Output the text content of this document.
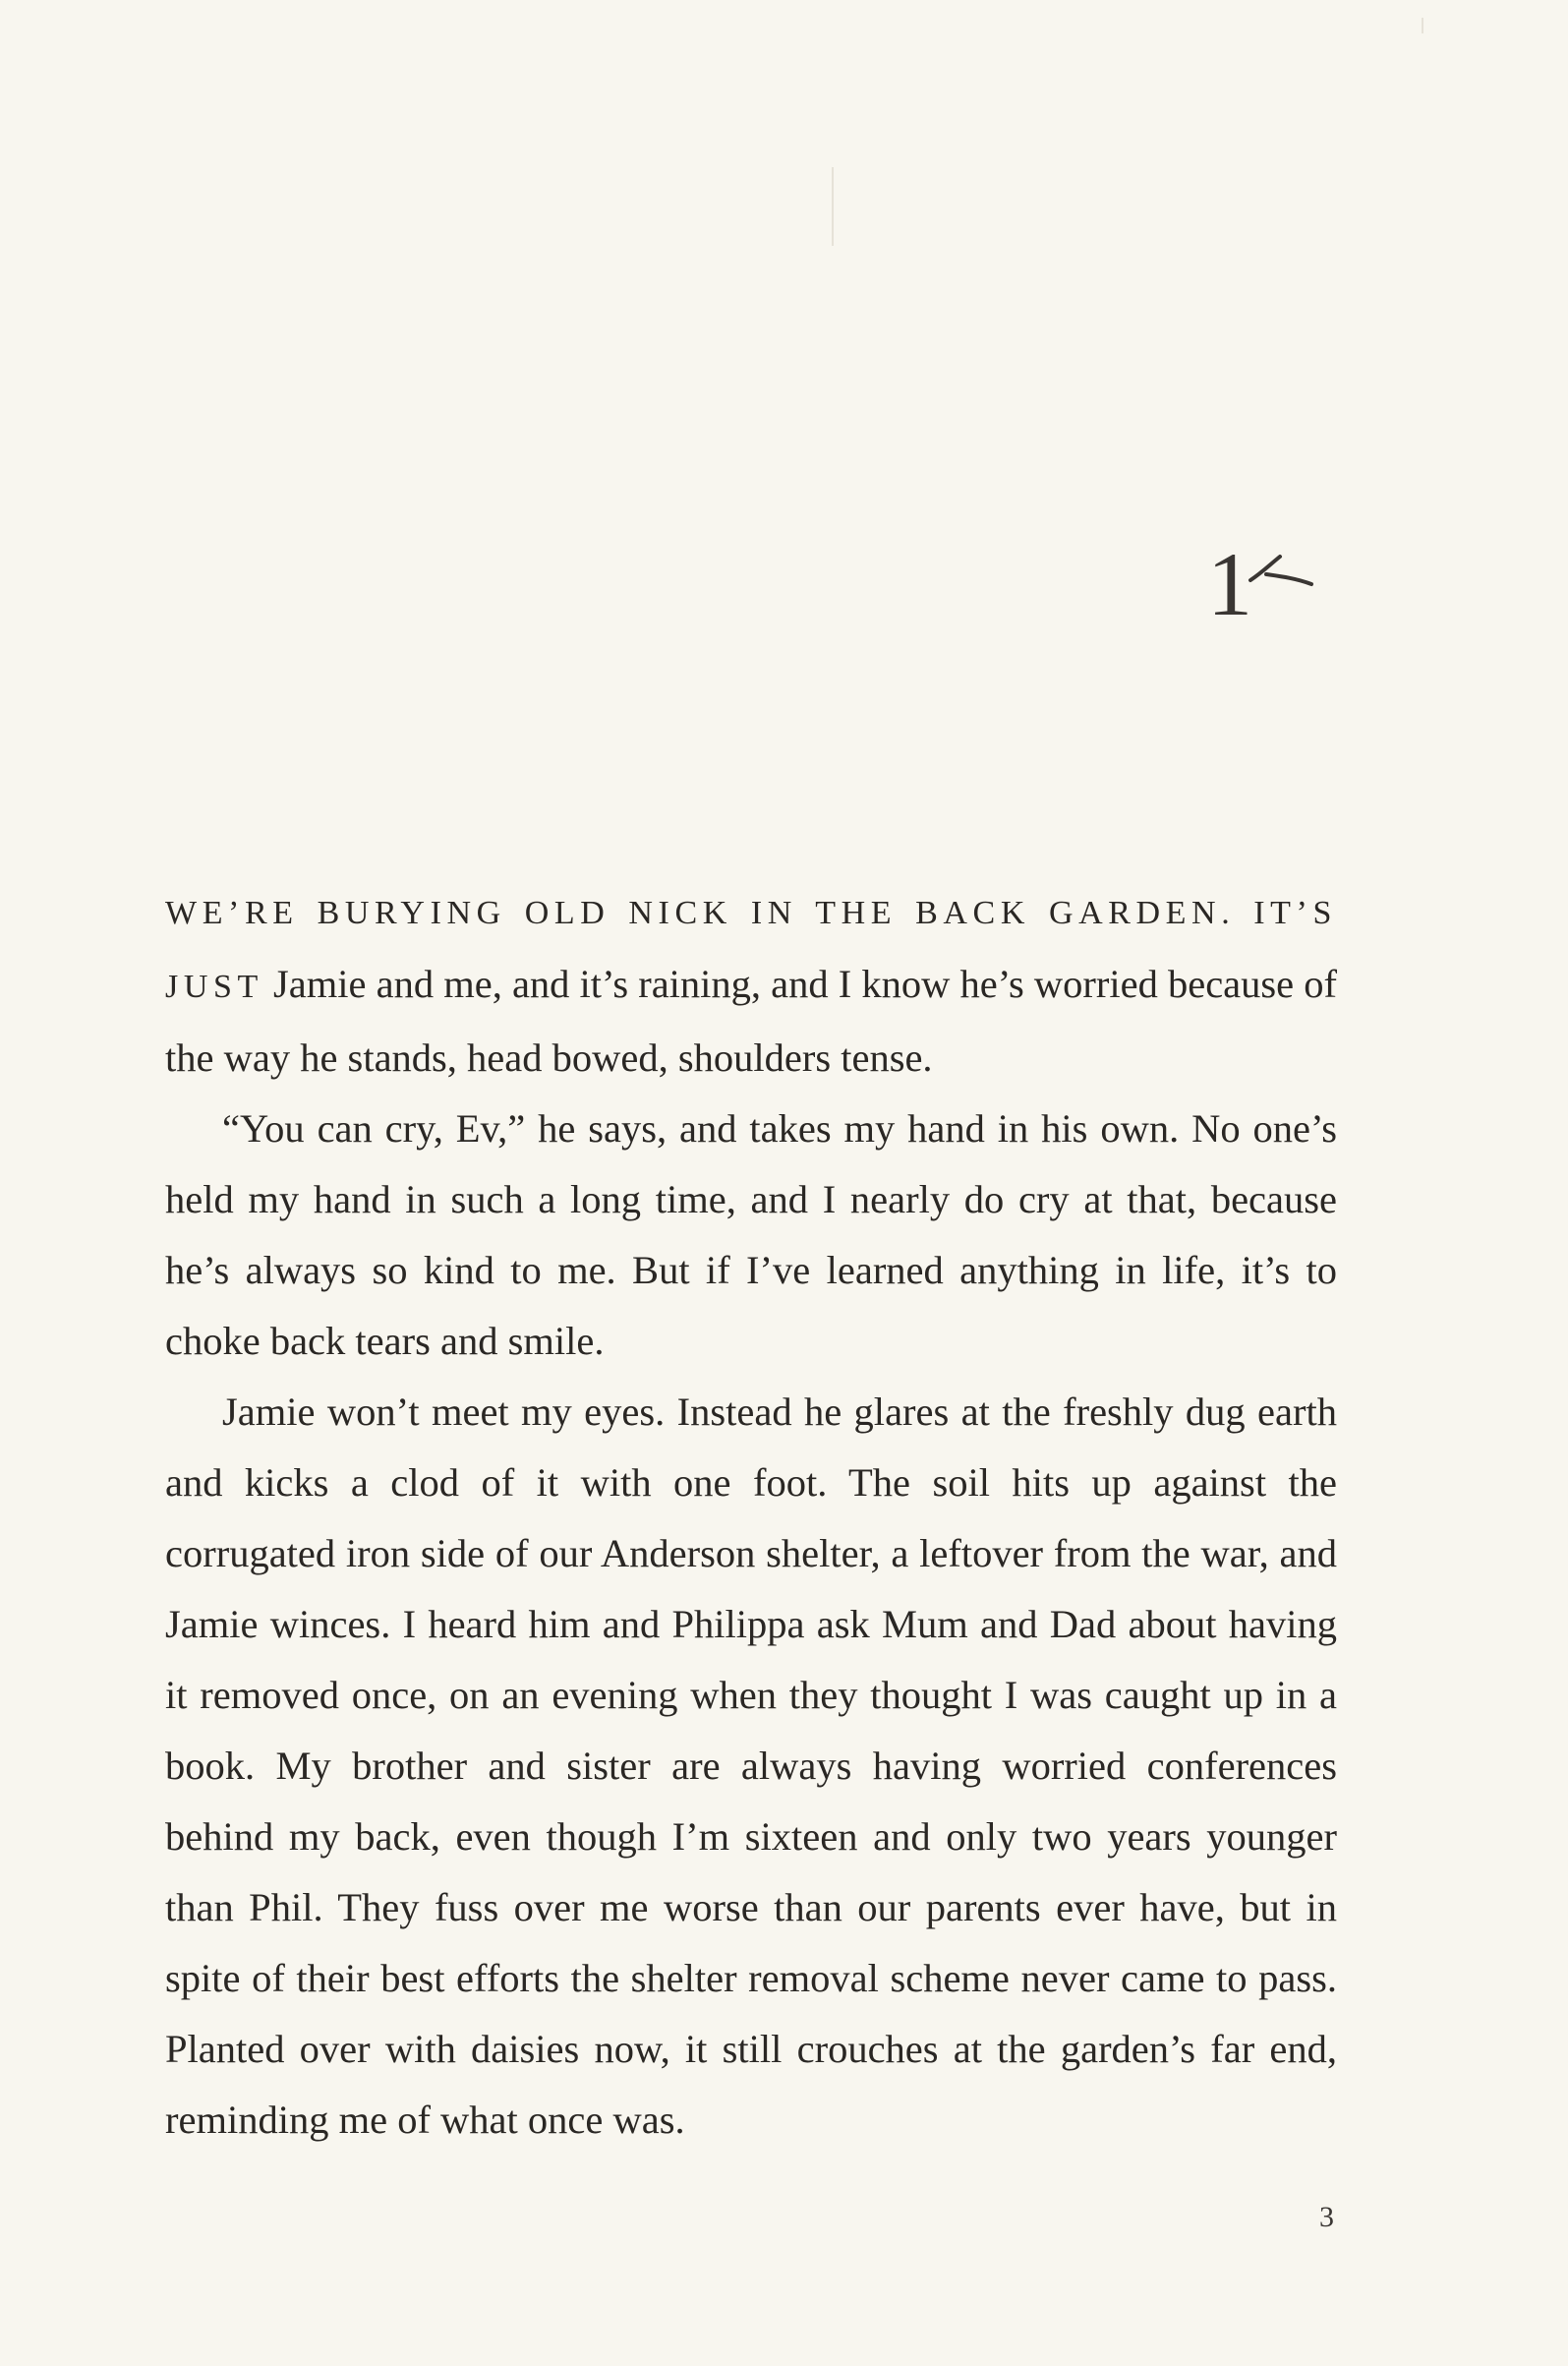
1

WE’RE BURYING OLD NICK IN THE BACK GARDEN. IT’S JUST Jamie and me, and it’s raining, and I know he’s worried because of the way he stands, head bowed, shoulders tense.

“You can cry, Ev,” he says, and takes my hand in his own. No one’s held my hand in such a long time, and I nearly do cry at that, because he’s always so kind to me. But if I’ve learned anything in life, it’s to choke back tears and smile.

Jamie won’t meet my eyes. Instead he glares at the freshly dug earth and kicks a clod of it with one foot. The soil hits up against the corrugated iron side of our Anderson shelter, a leftover from the war, and Jamie winces. I heard him and Philippa ask Mum and Dad about having it removed once, on an evening when they thought I was caught up in a book. My brother and sister are always having worried conferences behind my back, even though I’m sixteen and only two years younger than Phil. They fuss over me worse than our parents ever have, but in spite of their best efforts the shelter removal scheme never came to pass. Planted over with daisies now, it still crouches at the garden’s far end, reminding me of what once was.

3
